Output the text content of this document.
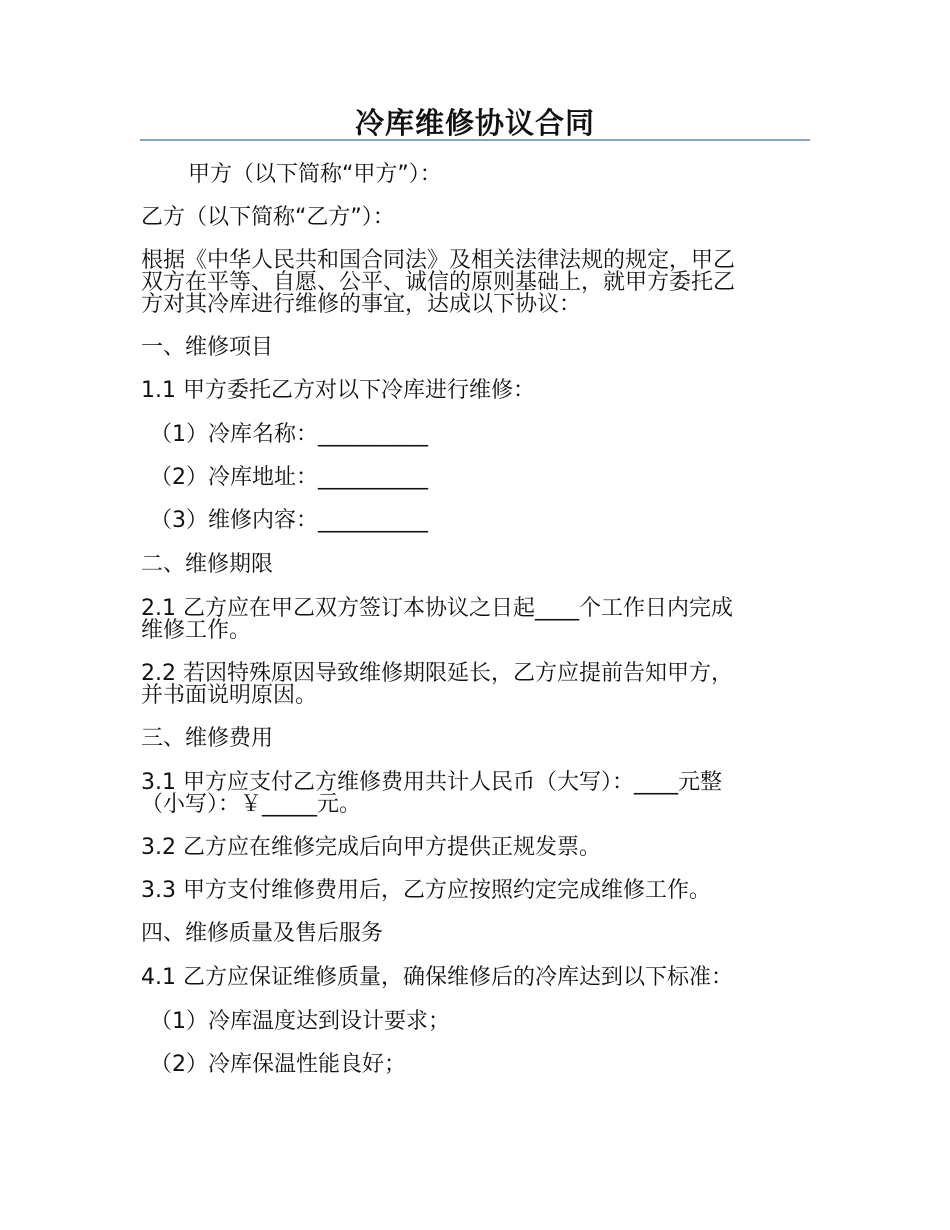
冷库维修协议合同
甲方（以下简称“甲方”）：
乙方（以下简称“乙方”）：
根据《中华人民共和国合同法》及相关法律法规的规定，甲乙
双方在平等、自愿、公平、诚信的原则基础上，就甲方委托乙
方对其冷库进行维修的事宜，达成以下协议：
一、维修项目
1.1 甲方委托乙方对以下冷库进行维修：
（1）冷库名称：__________
（2）冷库地址：__________
（3）维修内容：__________
二、维修期限
2.1 乙方应在甲乙双方签订本协议之日起____个工作日内完成
维修工作。
2.2 若因特殊原因导致维修期限延长，乙方应提前告知甲方，
并书面说明原因。
三、维修费用
3.1 甲方应支付乙方维修费用共计人民币（大写）：____元整
（小写）：￥_____元。
3.2 乙方应在维修完成后向甲方提供正规发票。
3.3 甲方支付维修费用后，乙方应按照约定完成维修工作。
四、维修质量及售后服务
4.1 乙方应保证维修质量，确保维修后的冷库达到以下标准：
（1）冷库温度达到设计要求；
（2）冷库保温性能良好；
